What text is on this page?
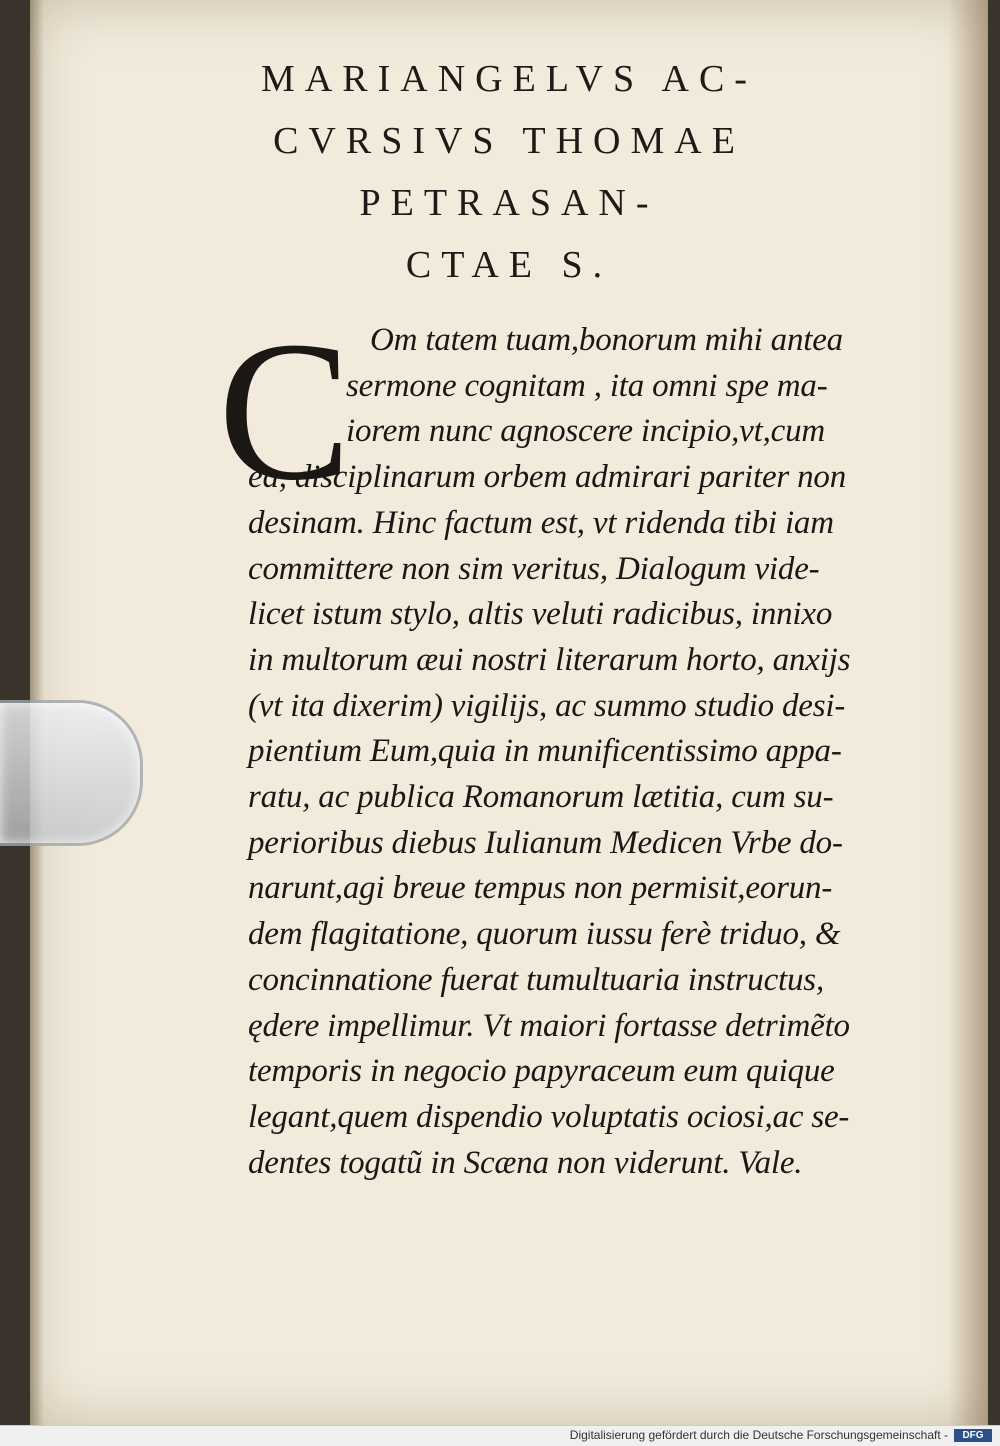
MARIANGELVS AC-

CVRSIVS THOMAE

PETRASAN-

CTAE S.

C Om tatem tuam,bonorum mihi antea

sermone cognitam , ita omni spe ma-

iorem nunc agnoscere incipio,vt,cum

ea, disciplinarum orbem admirari pariter non

desinam. Hinc factum est, vt ridenda tibi iam

committere non sim veritus, Dialogum vide-

licet istum stylo, altis veluti radicibus, innixo

in multorum æui nostri literarum horto, anxijs

(vt ita dixerim) vigilijs, ac summo studio desi-

pientium Eum,quia in munificentissimo appa-

ratu, ac publica Romanorum lætitia, cum su-

perioribus diebus Iulianum Medicen Vrbe do-

narunt,agi breue tempus non permisit,eorun-

dem flagitatione, quorum iussu ferè triduo, &

concinnatione fuerat tumultuaria instructus,

ędere impellimur. Vt maiori fortasse detrimẽto

temporis in negocio papyraceum eum quique

legant,quem dispendio voluptatis ociosi,ac se-

dentes togatũ in Scæna non viderunt. Vale.

Digitalisierung gefördert durch die Deutsche Forschungsgemeinschaft -	DFG
